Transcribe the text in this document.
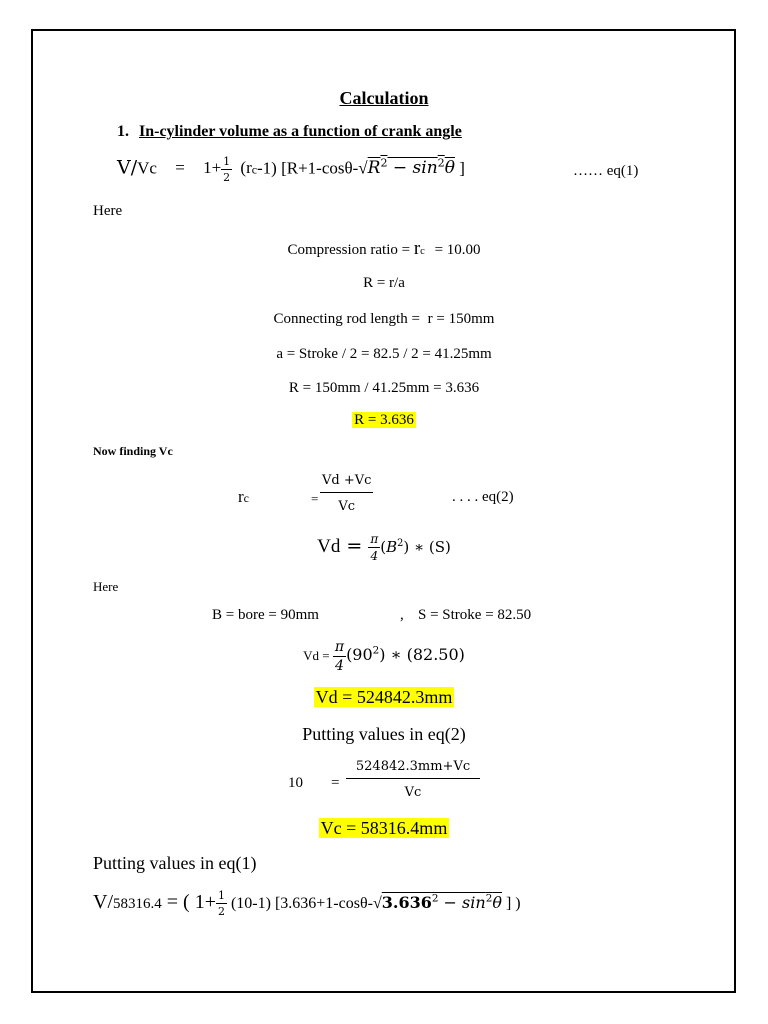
Calculation
1. In-cylinder volume as a function of crank angle
$V/Vc = 1+ \frac{1}{2} (rc-1) [R+1-\cos\theta-√R^2 - \sin^2\theta$ ]	…… eq(1)
Here
Compression ratio = rc = 10.00
R = r/a
Connecting rod length = r = 150mm
a = Stroke / 2 = 82.5 / 2 = 41.25mm
R = 150mm / 41.25mm = 3.636
R = 3.636
Now finding Vc
rc	= $\frac{Vd +Vc}{Vc}$	. . . . eq(2)
$Vd = \frac{\pi}{4} (B^2)$ ∗ (S)
Here
B = bore = 90mm	, S = Stroke = 82.50
$Vd = \frac{\pi}{4} (90^2)$ ∗ (82.50)
Vd = 524842.3mm
Putting values in eq(2)
$10 = \frac{524842.3mm+Vc}{Vc}$
Vc = 58316.4mm
Putting values in eq(1)
V/58316.4 = ( $1+ \frac{1}{2} (10-1) [3.636+1-\cos\theta-√3.636^2 - \sin^2\theta$ ] )
